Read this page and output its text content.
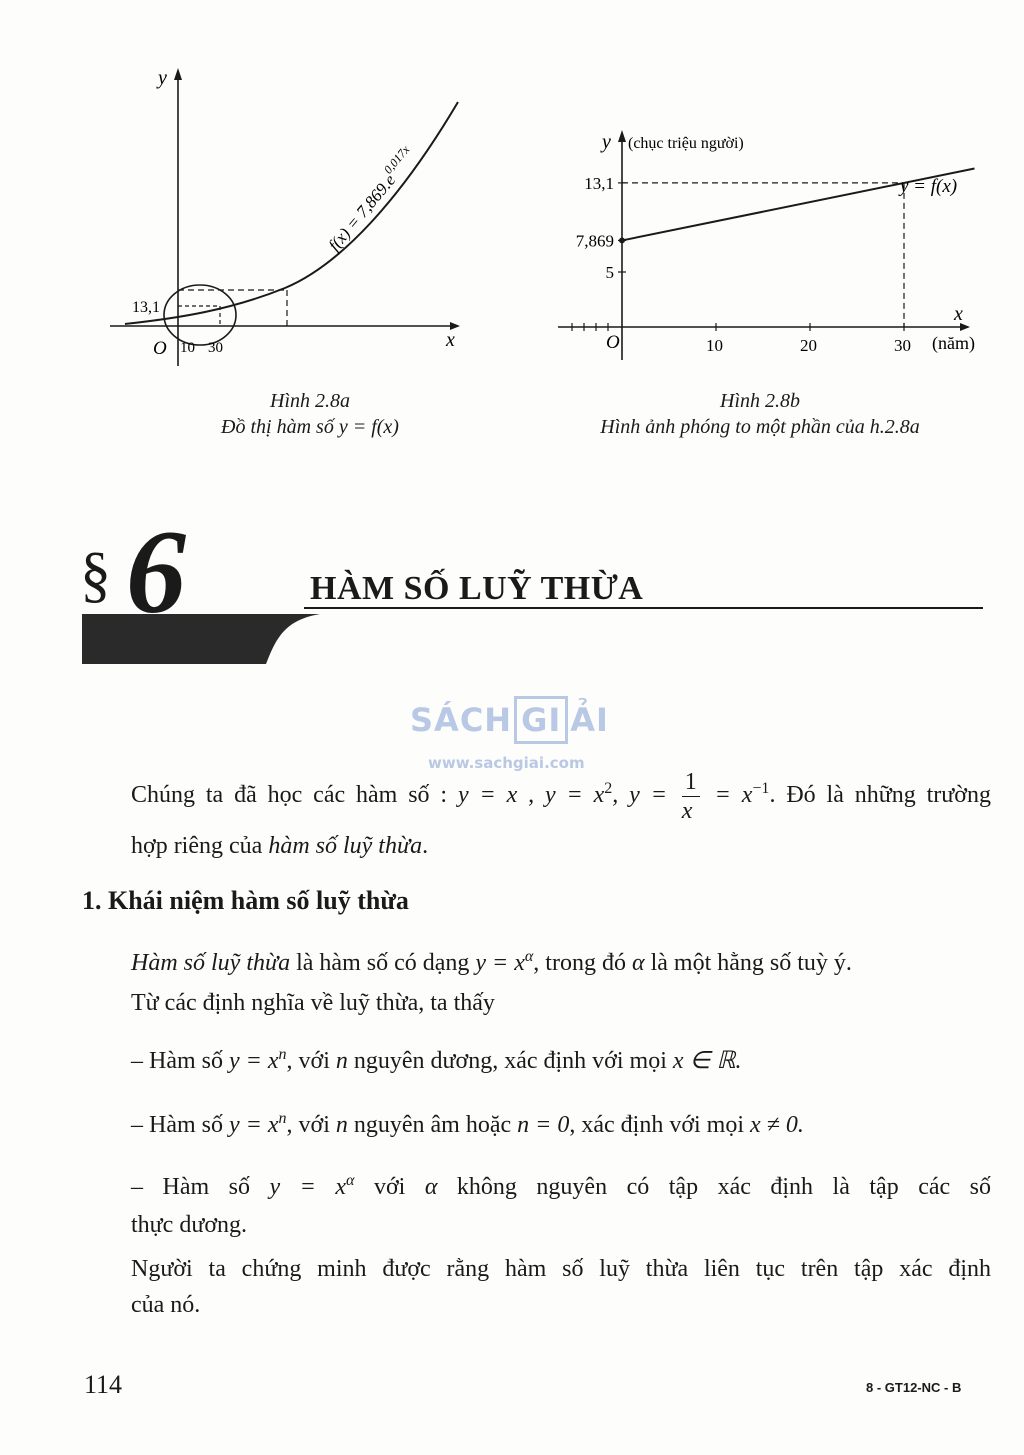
y
x
O
13,1
10 30
$f(x) = 7,869.e^{0,017x}$
Hình 2.8a
Đồ thị hàm số y = f(x)
10	20	30
5
7,869
13,1
y (chục triệu người)
x
(năm)
O
y = f(x)
Hình 2.8b
Hình ảnh phóng to một phần của h.2.8a
§ 6	HÀM SỐ LUỸ THỪA
SÁCH GI ẢI
www.sachgiai.com
Chúng ta đã học các hàm số : y = x , $y = x^2$, $y = \frac{1}{x} = x^{-1}$. Đó là những trường
hợp riêng của hàm số luỹ thừa.
1. Khái niệm hàm số luỹ thừa
Hàm số luỹ thừa là hàm số có dạng $y = x^\alpha$, trong đó α là một hằng số tuỳ ý.
Từ các định nghĩa về luỹ thừa, ta thấy
– Hàm số $y = x^n$, với n nguyên dương, xác định với mọi x ∈ ℝ.
– Hàm số $y = x^n$, với n nguyên âm hoặc n = 0, xác định với mọi x ≠ 0.
– Hàm số $y = x^\alpha$ với α không nguyên có tập xác định là tập các số
thực dương.
Người ta chứng minh được rằng hàm số luỹ thừa liên tục trên tập xác định
của nó.
114	8 - GT12-NC - B
